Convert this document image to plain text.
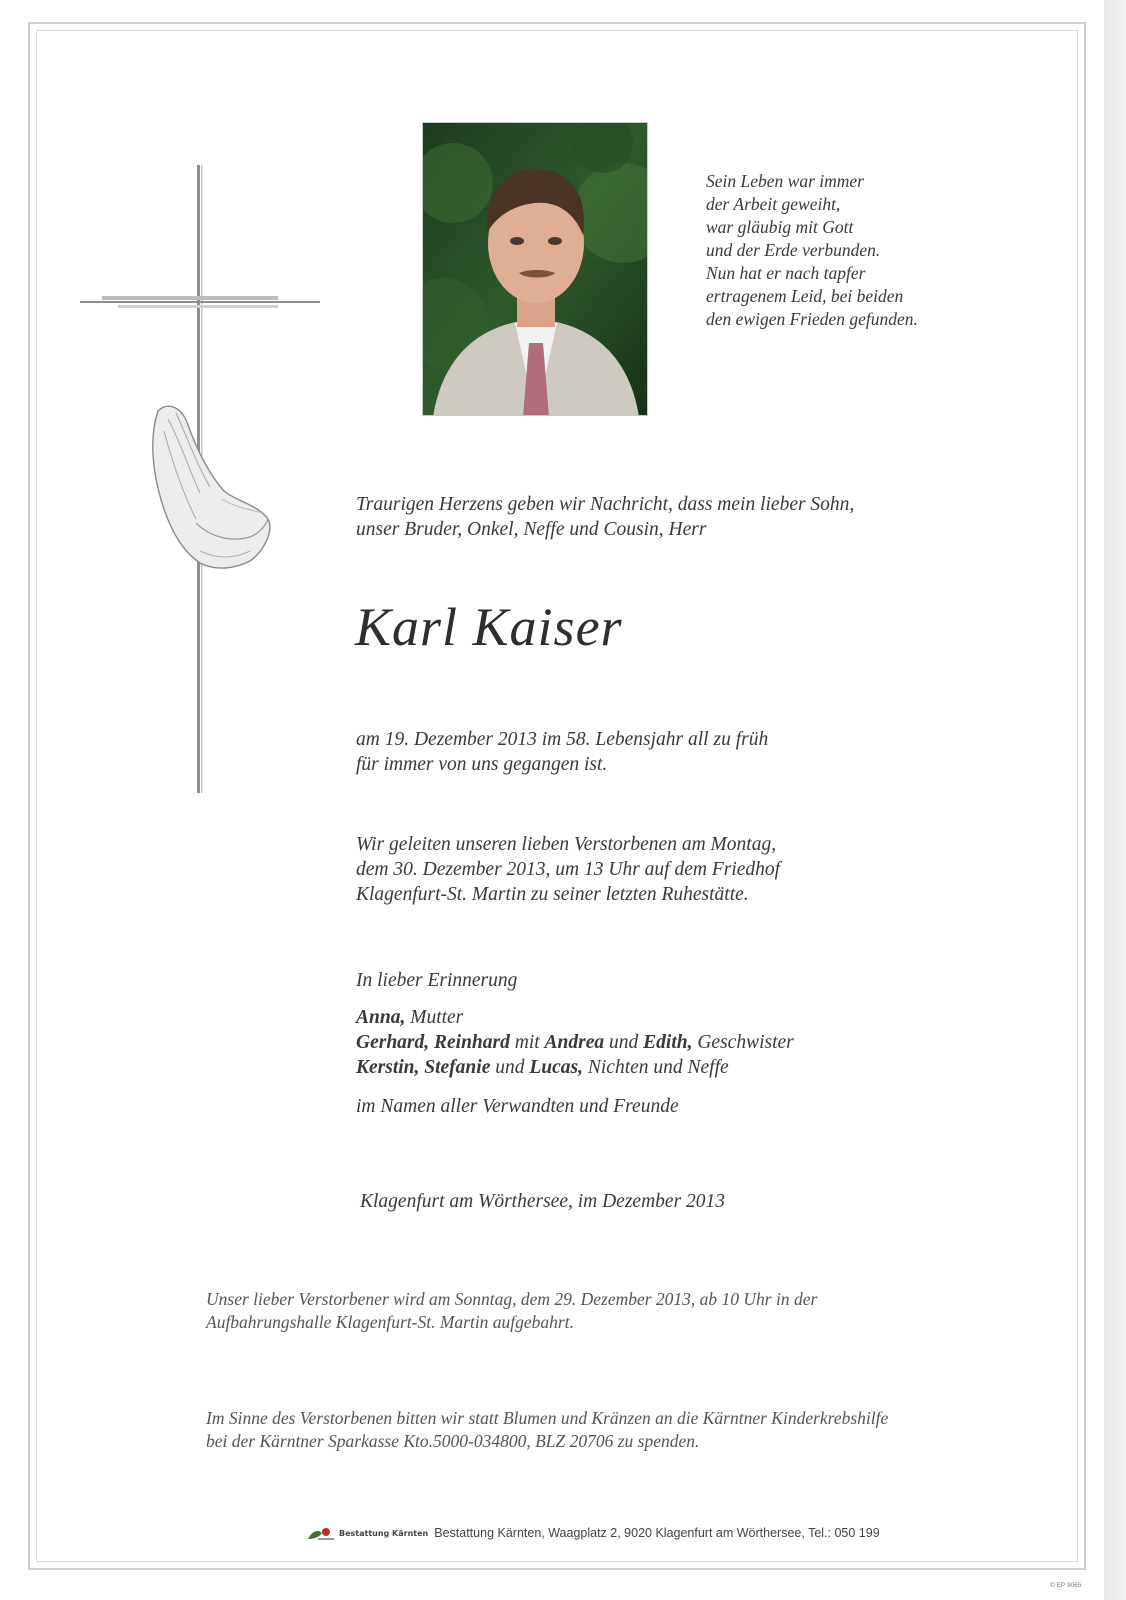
Sein Leben war immer
der Arbeit geweiht,
war gläubig mit Gott
und der Erde verbunden.
Nun hat er nach tapfer
ertragenem Leid, bei beiden
den ewigen Frieden gefunden.
Traurigen Herzens geben wir Nachricht, dass mein lieber Sohn,
unser Bruder, Onkel, Neffe und Cousin, Herr
Karl Kaiser
am 19. Dezember 2013 im 58. Lebensjahr all zu früh
für immer von uns gegangen ist.
Wir geleiten unseren lieben Verstorbenen am Montag,
dem 30. Dezember 2013, um 13 Uhr auf dem Friedhof
Klagenfurt-St. Martin zu seiner letzten Ruhestätte.
In lieber Erinnerung
Anna, Mutter
Gerhard, Reinhard mit Andrea und Edith, Geschwister
Kerstin, Stefanie und Lucas, Nichten und Neffe
im Namen aller Verwandten und Freunde
Klagenfurt am Wörthersee, im Dezember 2013
Unser lieber Verstorbener wird am Sonntag, dem 29. Dezember 2013, ab 10 Uhr in der
Aufbahrungshalle Klagenfurt-St. Martin aufgebahrt.
Im Sinne des Verstorbenen bitten wir statt Blumen und Kränzen an die Kärntner Kinderkrebshilfe
bei der Kärntner Sparkasse Kto.5000-034800, BLZ 20706 zu spenden.
Bestattung Kärnten Bestattung Kärnten, Waagplatz 2, 9020 Klagenfurt am Wörthersee, Tel.: 050 199
© EP 9065
